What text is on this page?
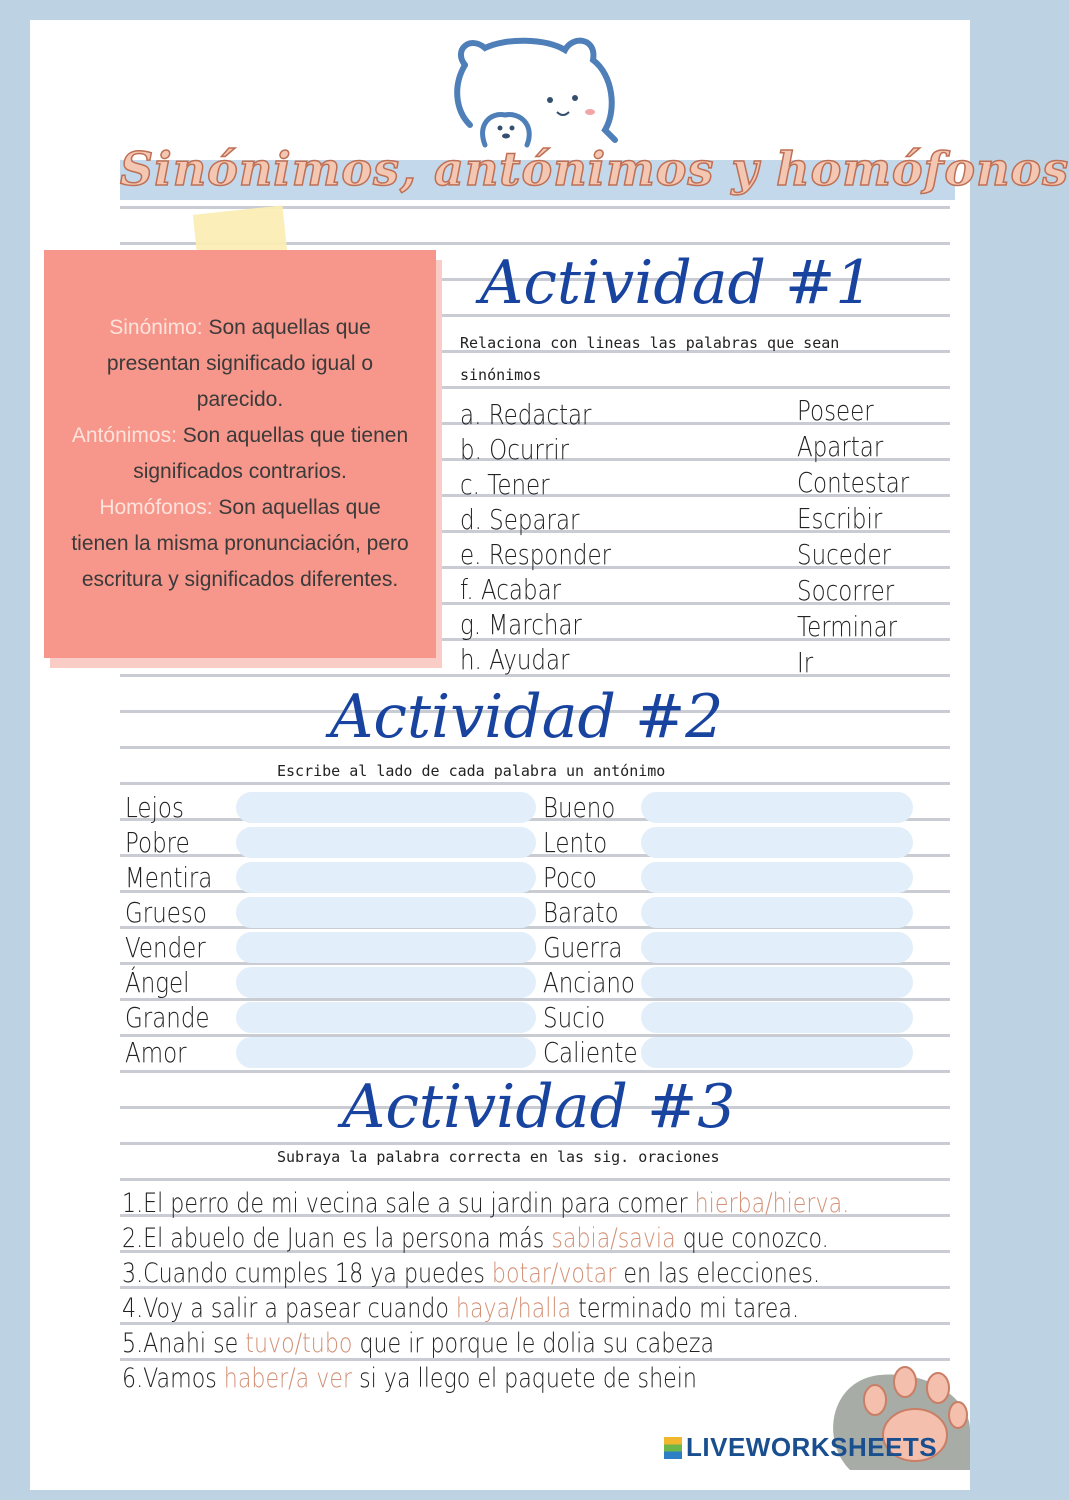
Sinónimos, antónimos y homófonos
Sinónimo: Son aquellas que presentan significado igual o parecido.
Antónimos: Son aquellas que tienen significados contrarios.
Homófonos: Son aquellas que tienen la misma pronunciación, pero escritura y significados diferentes.
Actividad #1
Relaciona con lineas las palabras que sean
sinónimos
a. Redactar
b. Ocurrir
c. Tener
d. Separar
e. Responder
f. Acabar
g. Marchar
h. Ayudar
Poseer
Apartar
Contestar
Escribir
Suceder
Socorrer
Terminar
Ir
Actividad #2
Escribe al lado de cada palabra un antónimo
Lejos
Pobre
Mentira
Grueso
Vender
Ángel
Grande
Amor
Bueno
Lento
Poco
Barato
Guerra
Anciano
Sucio
Caliente
Actividad #3
Subraya la palabra correcta en las sig. oraciones
1.El perro de mi vecina sale a su jardin para comer hierba/hierva.
2.El abuelo de Juan es la persona más sabia/savia que conozco.
3.Cuando cumples 18 ya puedes botar/votar en las elecciones.
4.Voy a salir a pasear cuando haya/halla terminado mi tarea.
5.Anahi se tuvo/tubo que ir porque le dolia su cabeza
6.Vamos haber/a ver si ya llego el paquete de shein
LIVEWORKSHEETS
